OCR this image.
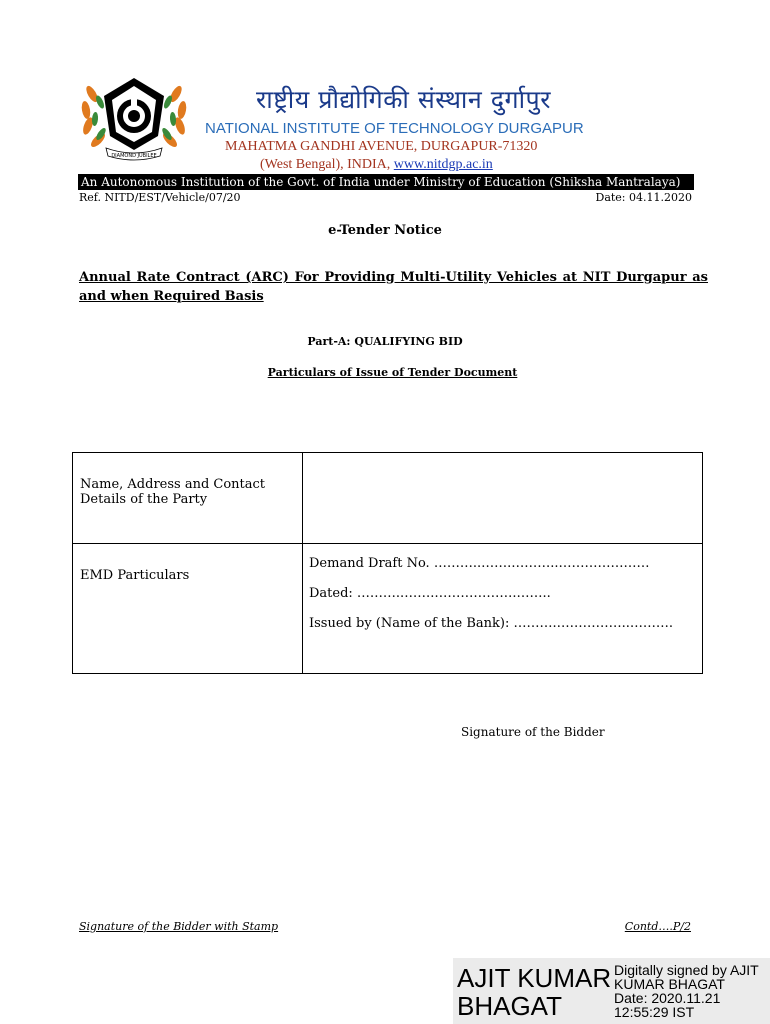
DIAMOND JUBILEE
राष्ट्रीय प्रौद्योगिकी संस्थान दुर्गापुर
NATIONAL INSTITUTE OF TECHNOLOGY DURGAPUR
MAHATMA GANDHI AVENUE, DURGAPUR-71320
(West Bengal), INDIA, www.nitdgp.ac.in
An Autonomous Institution of the Govt. of India under Ministry of Education (Shiksha Mantralaya)
Ref. NITD/EST/Vehicle/07/20	Date: 04.11.2020
e-Tender Notice
Annual Rate Contract (ARC) For Providing Multi-Utility Vehicles at NIT Durgapur as and when Required Basis
Part-A: QUALIFYING BID
Particulars of Issue of Tender Document
Name, Address and Contact Details of the Party	
EMD Particulars	Demand Draft No. ………..…….………..…………………
Dated: ………..…….……………….……..
Issued by (Name of the Bank): ……….……………..……….
Signature of the Bidder
Signature of the Bidder with Stamp	Contd….P/2
AJIT KUMAR
BHAGAT
Digitally signed by AJIT
KUMAR BHAGAT
Date: 2020.11.21
12:55:29 IST
